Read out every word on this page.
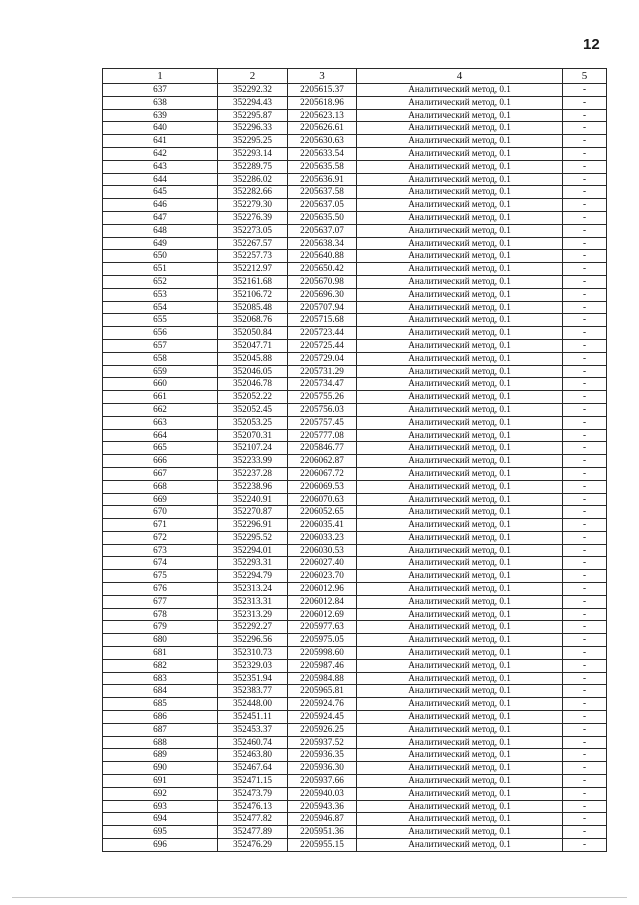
12
1	2	3	4	5
637	352292.32	2205615.37	Аналитический метод, 0.1	-
638	352294.43	2205618.96	Аналитический метод, 0.1	-
639	352295.87	2205623.13	Аналитический метод, 0.1	-
640	352296.33	2205626.61	Аналитический метод, 0.1	-
641	352295.25	2205630.63	Аналитический метод, 0.1	-
642	352293.14	2205633.54	Аналитический метод, 0.1	-
643	352289.75	2205635.58	Аналитический метод, 0.1	-
644	352286.02	2205636.91	Аналитический метод, 0.1	-
645	352282.66	2205637.58	Аналитический метод, 0.1	-
646	352279.30	2205637.05	Аналитический метод, 0.1	-
647	352276.39	2205635.50	Аналитический метод, 0.1	-
648	352273.05	2205637.07	Аналитический метод, 0.1	-
649	352267.57	2205638.34	Аналитический метод, 0.1	-
650	352257.73	2205640.88	Аналитический метод, 0.1	-
651	352212.97	2205650.42	Аналитический метод, 0.1	-
652	352161.68	2205670.98	Аналитический метод, 0.1	-
653	352106.72	2205696.30	Аналитический метод, 0.1	-
654	352085.48	2205707.94	Аналитический метод, 0.1	-
655	352068.76	2205715.68	Аналитический метод, 0.1	-
656	352050.84	2205723.44	Аналитический метод, 0.1	-
657	352047.71	2205725.44	Аналитический метод, 0.1	-
658	352045.88	2205729.04	Аналитический метод, 0.1	-
659	352046.05	2205731.29	Аналитический метод, 0.1	-
660	352046.78	2205734.47	Аналитический метод, 0.1	-
661	352052.22	2205755.26	Аналитический метод, 0.1	-
662	352052.45	2205756.03	Аналитический метод, 0.1	-
663	352053.25	2205757.45	Аналитический метод, 0.1	-
664	352070.31	2205777.08	Аналитический метод, 0.1	-
665	352107.24	2205846.77	Аналитический метод, 0.1	-
666	352233.99	2206062.87	Аналитический метод, 0.1	-
667	352237.28	2206067.72	Аналитический метод, 0.1	-
668	352238.96	2206069.53	Аналитический метод, 0.1	-
669	352240.91	2206070.63	Аналитический метод, 0.1	-
670	352270.87	2206052.65	Аналитический метод, 0.1	-
671	352296.91	2206035.41	Аналитический метод, 0.1	-
672	352295.52	2206033.23	Аналитический метод, 0.1	-
673	352294.01	2206030.53	Аналитический метод, 0.1	-
674	352293.31	2206027.40	Аналитический метод, 0.1	-
675	352294.79	2206023.70	Аналитический метод, 0.1	-
676	352313.24	2206012.96	Аналитический метод, 0.1	-
677	352313.31	2206012.84	Аналитический метод, 0.1	-
678	352313.29	2206012.69	Аналитический метод, 0.1	-
679	352292.27	2205977.63	Аналитический метод, 0.1	-
680	352296.56	2205975.05	Аналитический метод, 0.1	-
681	352310.73	2205998.60	Аналитический метод, 0.1	-
682	352329.03	2205987.46	Аналитический метод, 0.1	-
683	352351.94	2205984.88	Аналитический метод, 0.1	-
684	352383.77	2205965.81	Аналитический метод, 0.1	-
685	352448.00	2205924.76	Аналитический метод, 0.1	-
686	352451.11	2205924.45	Аналитический метод, 0.1	-
687	352453.37	2205926.25	Аналитический метод, 0.1	-
688	352460.74	2205937.52	Аналитический метод, 0.1	-
689	352463.80	2205936.35	Аналитический метод, 0.1	-
690	352467.64	2205936.30	Аналитический метод, 0.1	-
691	352471.15	2205937.66	Аналитический метод, 0.1	-
692	352473.79	2205940.03	Аналитический метод, 0.1	-
693	352476.13	2205943.36	Аналитический метод, 0.1	-
694	352477.82	2205946.87	Аналитический метод, 0.1	-
695	352477.89	2205951.36	Аналитический метод, 0.1	-
696	352476.29	2205955.15	Аналитический метод, 0.1	-
